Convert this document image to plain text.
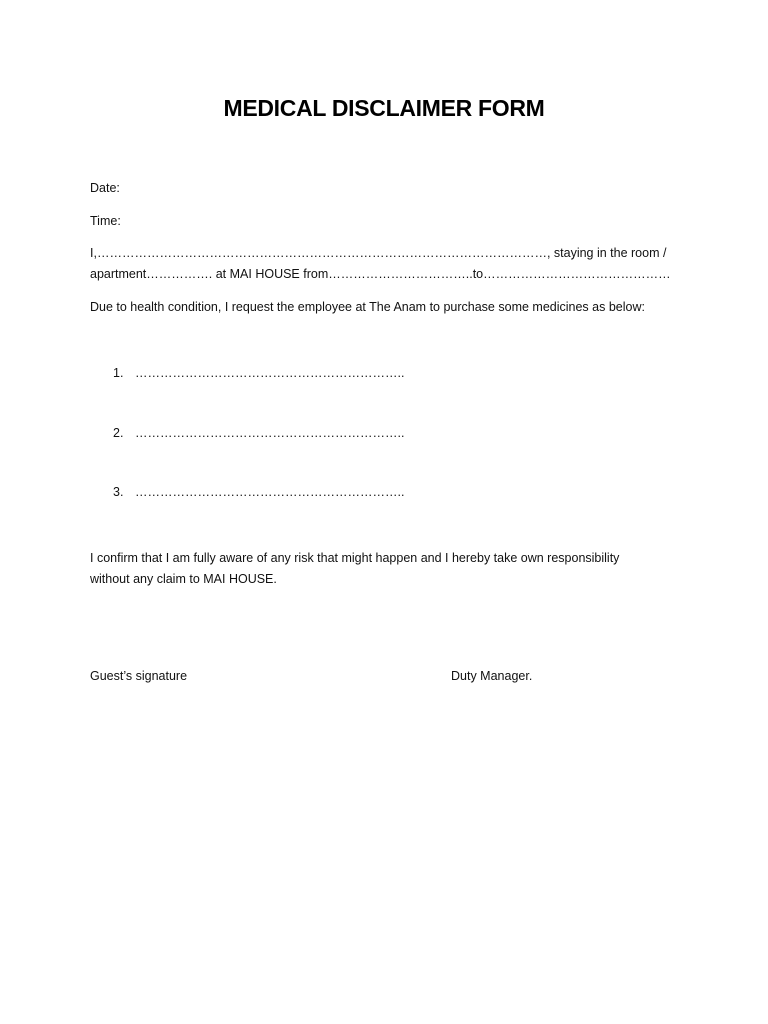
MEDICAL DISCLAIMER FORM
Date:
Time:
I,………………………………………………………………………………………………, staying in the room /
apartment……………. at MAI HOUSE from……………………………..to………………………………………
Due to health condition, I request the employee at The Anam to purchase some medicines as below:
1. ………………………………………………………..
2. ………………………………………………………..
3. ………………………………………………………..
I confirm that I am fully aware of any risk that might happen and I hereby take own responsibility
without any claim to MAI HOUSE.
Guest’s signature	Duty Manager.
